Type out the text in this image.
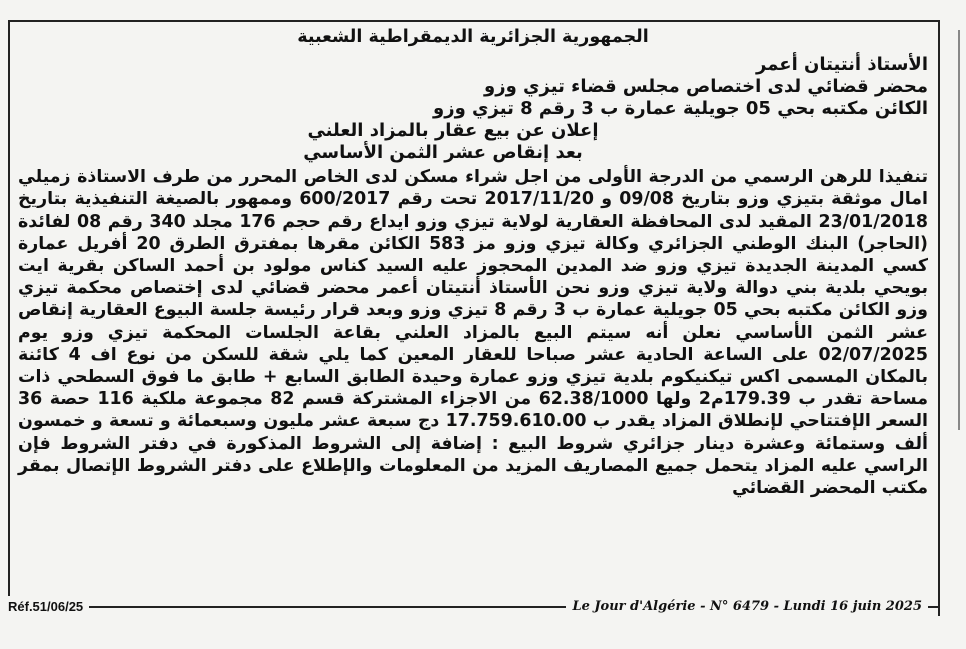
الجمهورية الجزائرية الديمقراطية الشعبية
الأستاذ أنتيتان أعمر
محضر قضائي لدى اختصاص مجلس قضاء تيزي وزو
الكائن مكتبه بحي 05 جويلية عمارة ب 3 رقم 8 تيزي وزو
إعلان عن بيع عقار بالمزاد العلني
بعد إنقاص عشر الثمن الأساسي
تنفيذا للرهن الرسمي من الدرجة الأولى من اجل شراء مسكن لدى الخاص المحرر من طرف الاستاذة زميلي امال موثقة بتيزي وزو بتاريخ 09/08 و 2017/11/20 تحت رقم 600/2017 وممهور بالصيغة التنفيذية بتاريخ 23/01/2018 المقيد لدى المحافظة العقارية لولاية تيزي وزو ايداع رقم حجم 176 مجلد 340 رقم 08 لفائدة (الحاجر) البنك الوطني الجزائري وكالة تيزي وزو مز 583 الكائن مقرها بمفترق الطرق 20 أفريل عمارة كسي المدينة الجديدة تيزي وزو ضد المدين المحجوز عليه السيد كناس مولود بن أحمد الساكن بقرية ايت بويحي بلدية بني دوالة ولاية تيزي وزو نحن الأستاذ أنتيتان أعمر محضر قضائي لدى إختصاص محكمة تيزي وزو الكائن مكتبه بحي 05 جويلية عمارة ب 3 رقم 8 تيزي وزو وبعد قرار رئيسة جلسة البيوع العقارية إنقاص عشر الثمن الأساسي نعلن أنه سيتم البيع بالمزاد العلني بقاعة الجلسات المحكمة تيزي وزو يوم 02/07/2025 على الساعة الحادية عشر صباحا للعقار المعين كما يلي شقة للسكن من نوع اف 4 كائنة بالمكان المسمى اكس تيكنيكوم بلدية تيزي وزو عمارة وحيدة الطابق السابع + طابق ما فوق السطحي ذات مساحة تقدر ب 179.39م2 ولها 62.38/1000 من الاجزاء المشتركة قسم 82 مجموعة ملكية 116 حصة 36 السعر الإفتتاحي لإنطلاق المزاد يقدر ب 17.759.610.00 دج سبعة عشر مليون وسبعمائة و تسعة و خمسون ألف وستمائة وعشرة دينار جزائري شروط البيع : إضافة إلى الشروط المذكورة في دفتر الشروط فإن الراسي عليه المزاد يتحمل جميع المصاريف المزيد من المعلومات والإطلاع على دفتر الشروط الإتصال بمقر مكتب المحضر القضائي
Réf.51/06/25	Le Jour d'Algérie - N° 6479 - Lundi 16 juin 2025
